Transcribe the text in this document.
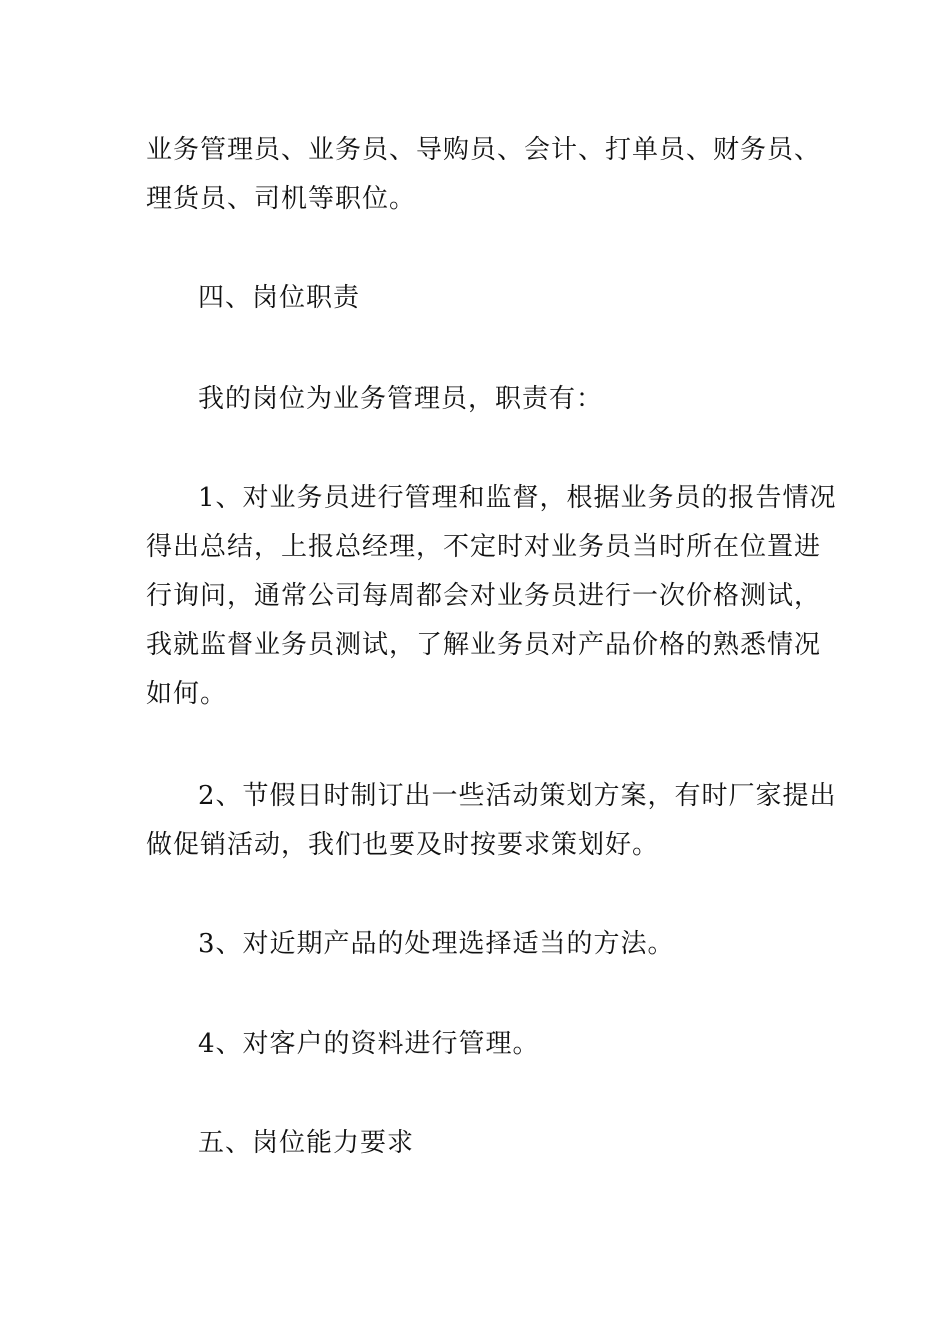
业务管理员、业务员、导购员、会计、打单员、财务员、
理货员、司机等职位。
四、岗位职责
我的岗位为业务管理员，职责有：
1、对业务员进行管理和监督，根据业务员的报告情况
得出总结，上报总经理，不定时对业务员当时所在位置进
行询问，通常公司每周都会对业务员进行一次价格测试，
我就监督业务员测试，了解业务员对产品价格的熟悉情况
如何。
2、节假日时制订出一些活动策划方案，有时厂家提出
做促销活动，我们也要及时按要求策划好。
3、对近期产品的处理选择适当的方法。
4、对客户的资料进行管理。
五、岗位能力要求
